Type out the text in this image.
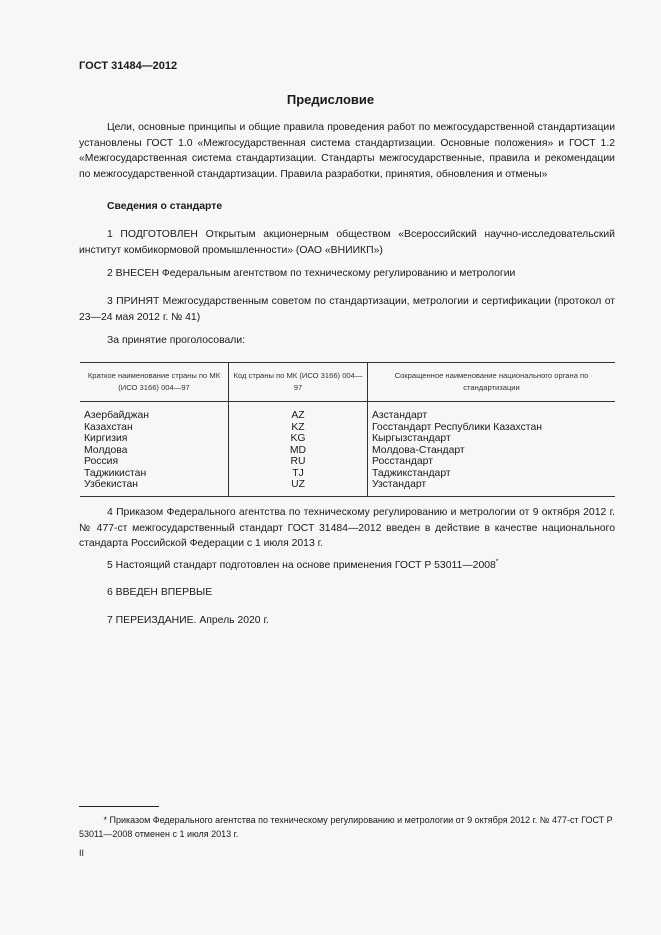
ГОСТ 31484—2012
Предисловие
Цели, основные принципы и общие правила проведения работ по межгосударственной стандартизации установлены ГОСТ 1.0 «Межгосударственная система стандартизации. Основные положения» и ГОСТ 1.2 «Межгосударственная система стандартизации. Стандарты межгосударственные, правила и рекомендации по межгосударственной стандартизации. Правила разработки, принятия, обновления и отмены»
Сведения о стандарте
1 ПОДГОТОВЛЕН Открытым акционерным обществом «Всероссийский научно-исследовательский институт комбикормовой промышленности» (ОАО «ВНИИКП»)
2 ВНЕСЕН Федеральным агентством по техническому регулированию и метрологии
3 ПРИНЯТ Межгосударственным советом по стандартизации, метрологии и сертификации (протокол от 23—24 мая 2012 г. № 41)
За принятие проголосовали:
Краткое наименование страны по МК (ИСО 3166) 004—97	Код страны по МК (ИСО 3166) 004—97	Сокращенное наименование национального органа по стандартизации
Азербайджан	AZ	Азстандарт
Казахстан	KZ	Госстандарт Республики Казахстан
Киргизия	KG	Кыргызстандарт
Молдова	MD	Молдова-Стандарт
Россия	RU	Росстандарт
Таджикистан	TJ	Таджикстандарт
Узбекистан	UZ	Узстандарт
4 Приказом Федерального агентства по техническому регулированию и метрологии от 9 октября 2012 г. № 477-ст межгосударственный стандарт ГОСТ 31484—2012 введен в действие в качестве национального стандарта Российской Федерации с 1 июля 2013 г.
5 Настоящий стандарт подготовлен на основе применения ГОСТ Р 53011—2008*
6 ВВЕДЕН ВПЕРВЫЕ
7 ПЕРЕИЗДАНИЕ. Апрель 2020 г.
* Приказом Федерального агентства по техническому регулированию и метрологии от 9 октября 2012 г. № 477-ст ГОСТ Р 53011—2008 отменен с 1 июля 2013 г.
II
